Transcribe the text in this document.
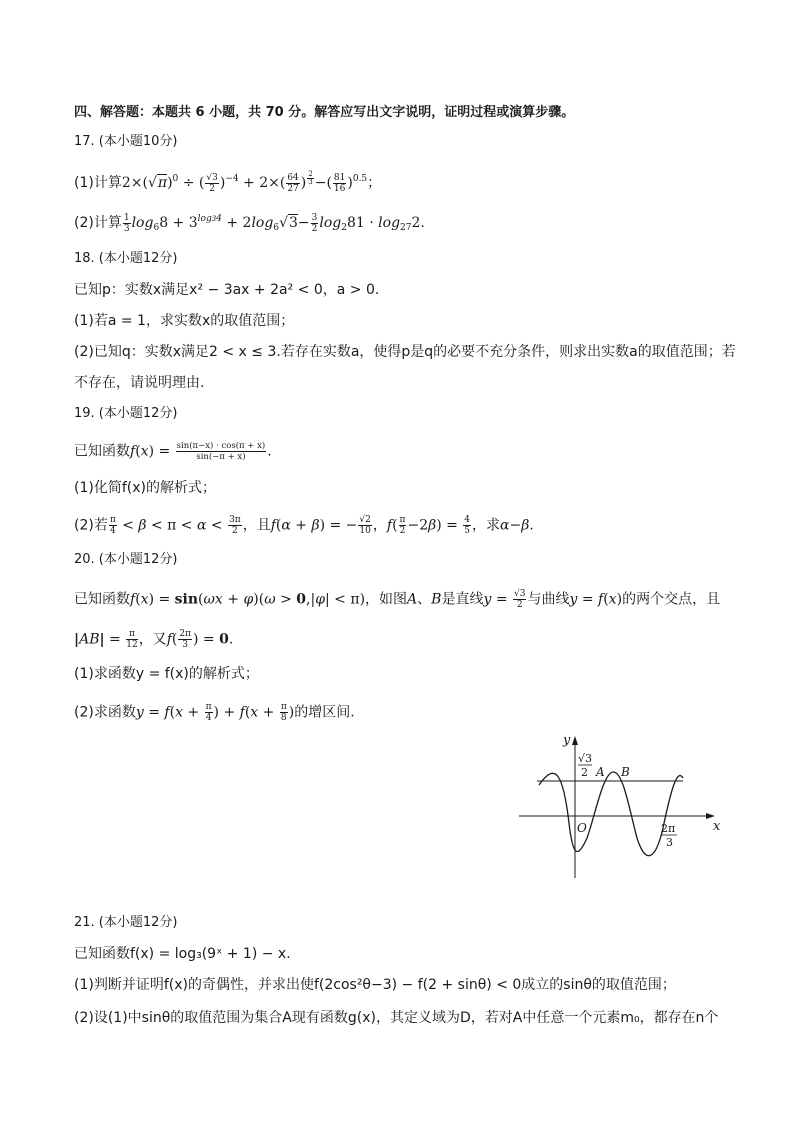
四、解答题：本题共 6 小题，共 70 分。解答应写出文字说明，证明过程或演算步骤。
17. (本小题10分)
(1)计算$2\times(√\pi)^0$ ÷ ( $\frac{√3}{2} )^{-4} + 2\times( \frac{64}{27}$ ) $^{\frac{2}{3}}$ −( $\frac{81}{16} )^{0.5}$；
(2)计算 $\frac{1}{3} \log_68 + 3^{log34} + 2\log_6√3- \frac{3}{2} \log_281 \cdot \log_{27}2$.
18. (本小题12分)
已知p：实数x满足x² − 3ax + 2a² < 0，a > 0.
(1)若a = 1，求实数x的取值范围；
(2)已知q：实数x满足2 < x ≤ 3.若存在实数a，使得p是q的必要不充分条件，则求出实数a的取值范围；若
不存在，请说明理由.
19. (本小题12分)
已知函数$f(x) = \frac{\sin(\pi-x) \cdot \cos(\pi + x)}{\sin(-\pi + x)}$ .
(1)化简f(x)的解析式；
(2)若 $\frac{\pi}{4} < \beta < \pi < \alpha < \frac{3\pi}{2}$ ，且f(α + β) = − $\frac{√2}{10}$ ，$f( \frac{\pi}{2} -2\beta) = \frac{4}{5}$ ，求α−β.
20. (本小题12分)
已知函数f(x) = sin(ωx + φ)(ω > 0,|φ| < π)，如图A、B是直线$y = \frac{√3}{2}$ 与曲线y = f(x)的两个交点，且
$|AB| = \frac{\pi}{12}$ ，又$f( \frac{2\pi}{3}$ ) = 0.
(1)求函数y = f(x)的解析式；
(2)求函数$y = f(x + \frac{\pi}{4}$ ) + $f(x + \frac{\pi}{8}$ )的增区间.
y
x
O
A B
√3
2
2π
3
21. (本小题12分)
已知函数f(x) = log₃(9ˣ + 1) − x.
(1)判断并证明f(x)的奇偶性，并求出使f(2cos²θ−3) − f(2 + sinθ) < 0成立的sinθ的取值范围；
(2)设(1)中sinθ的取值范围为集合A现有函数g(x)，其定义域为D，若对A中任意一个元素m₀，都存在n个
